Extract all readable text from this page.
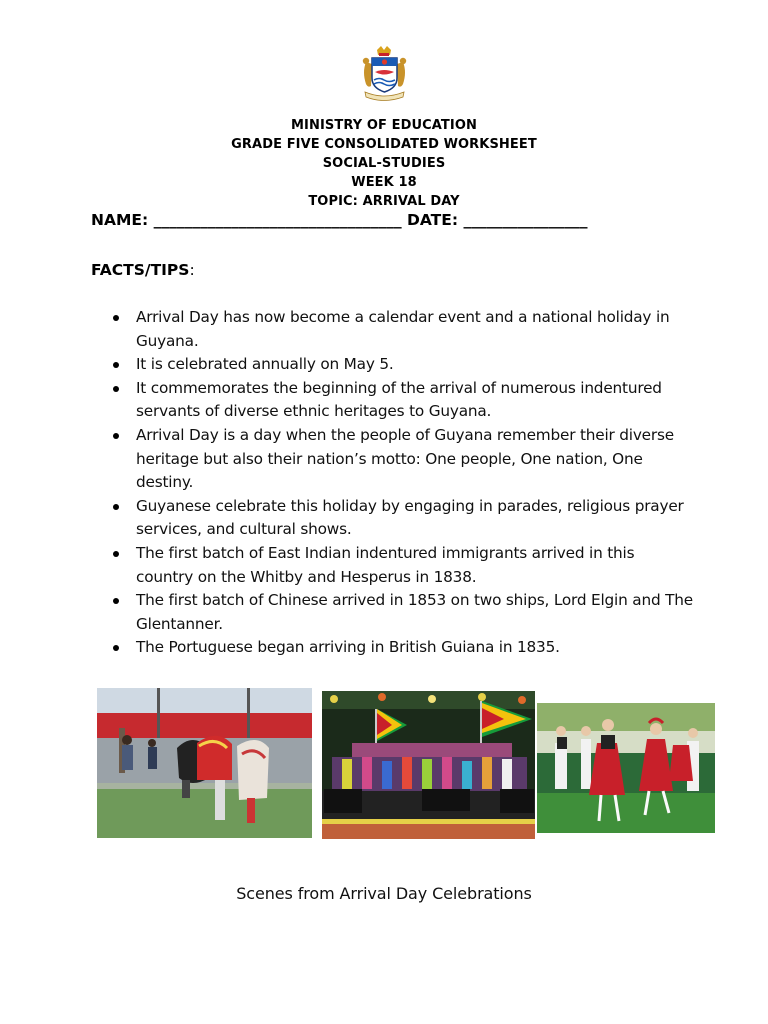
MINISTRY OF EDUCATION
GRADE FIVE CONSOLIDATED WORKSHEET
SOCIAL-STUDIES
WEEK 18
TOPIC: ARRIVAL DAY
NAME: ________________________________ DATE: ________________
FACTS/TIPS:
Arrival Day has now become a calendar event and a national holiday in Guyana.
It is celebrated annually on May 5.
It commemorates the beginning of the arrival of numerous indentured servants of diverse ethnic heritages to Guyana.
Arrival Day is a day when the people of Guyana remember their diverse heritage but also their nation’s motto: One people, One nation, One destiny.
Guyanese celebrate this holiday by engaging in parades, religious prayer services, and cultural shows.
The first batch of East Indian indentured immigrants arrived in this country on the Whitby and Hesperus in 1838.
The first batch of Chinese arrived in 1853 on two ships, Lord Elgin and The Glentanner.
The Portuguese began arriving in British Guiana in 1835.
Scenes from Arrival Day Celebrations
